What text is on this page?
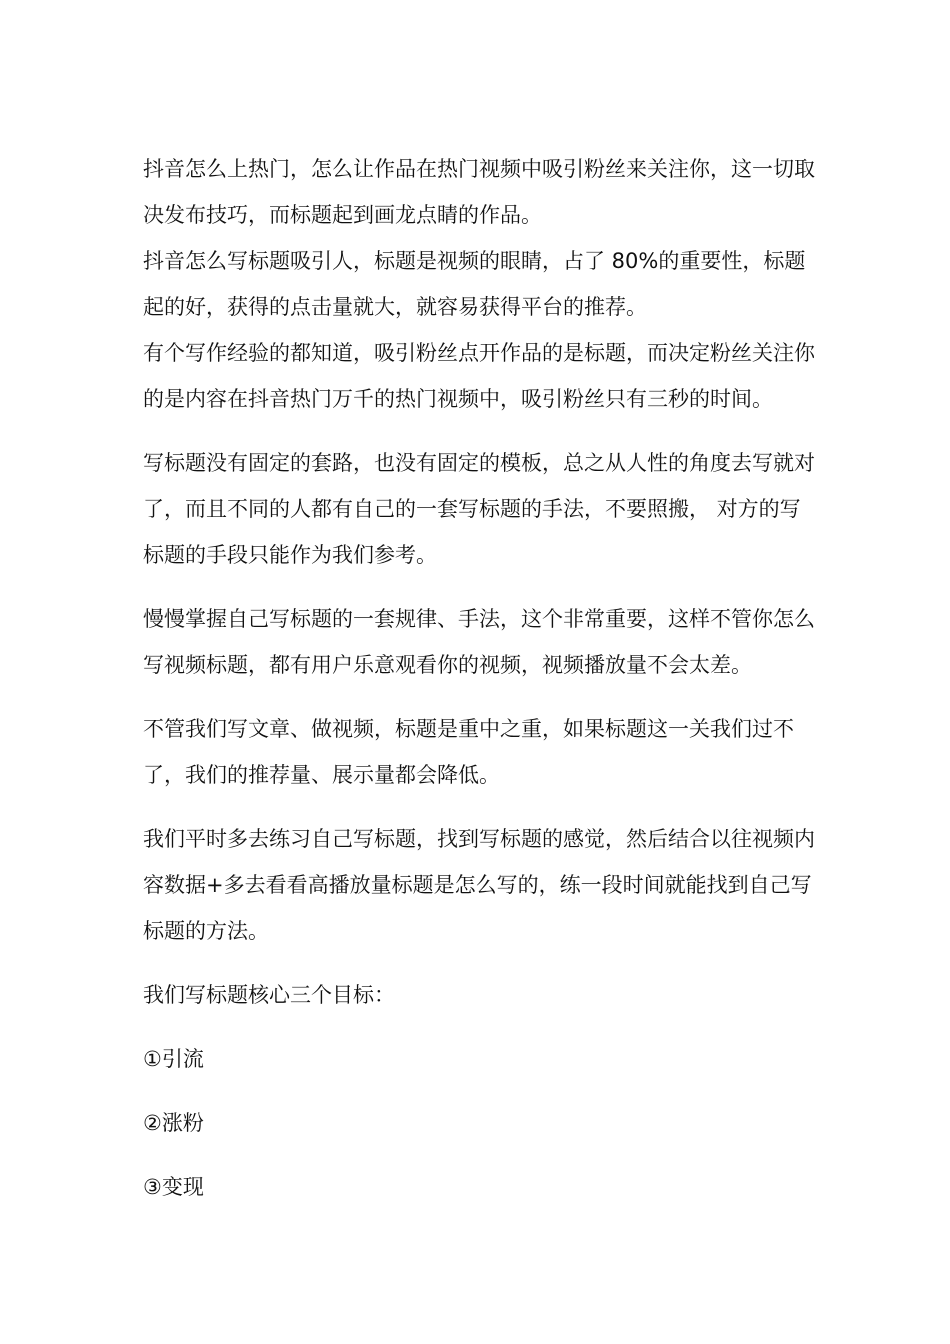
抖音怎么上热门，怎么让作品在热门视频中吸引粉丝来关注你，这一切取决发布技巧，而标题起到画龙点睛的作品。

抖音怎么写标题吸引人，标题是视频的眼睛，占了 80%的重要性，标题起的好，获得的点击量就大，就容易获得平台的推荐。

有个写作经验的都知道，吸引粉丝点开作品的是标题，而决定粉丝关注你的是内容在抖音热门万千的热门视频中，吸引粉丝只有三秒的时间。

写标题没有固定的套路，也没有固定的模板，总之从人性的角度去写就对了，而且不同的人都有自己的一套写标题的手法，不要照搬， 对方的写标题的手段只能作为我们参考。

慢慢掌握自己写标题的一套规律、手法，这个非常重要，这样不管你怎么写视频标题，都有用户乐意观看你的视频，视频播放量不会太差。

不管我们写文章、做视频，标题是重中之重，如果标题这一关我们过不了，我们的推荐量、展示量都会降低。

我们平时多去练习自己写标题，找到写标题的感觉，然后结合以往视频内容数据+多去看看高播放量标题是怎么写的，练一段时间就能找到自己写标题的方法。

我们写标题核心三个目标：

①引流

②涨粉

③变现
